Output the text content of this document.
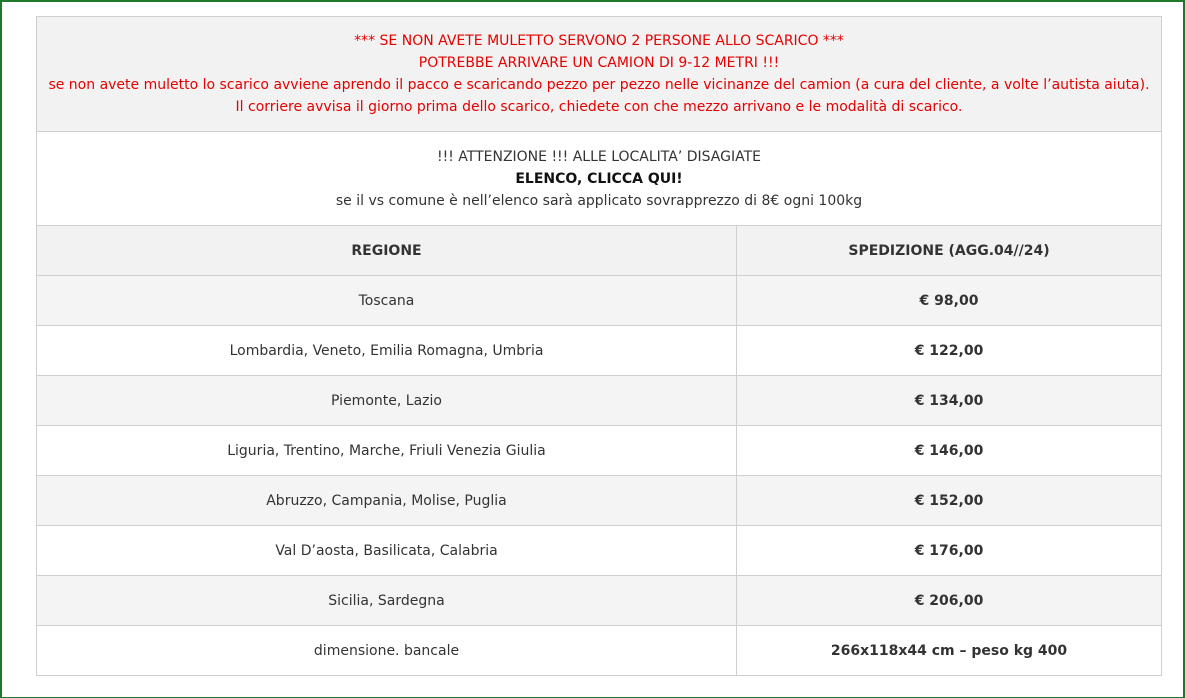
*** SE NON AVETE MULETTO SERVONO 2 PERSONE ALLO SCARICO ***
POTREBBE ARRIVARE UN CAMION DI 9-12 METRI !!!
se non avete muletto lo scarico avviene aprendo il pacco e scaricando pezzo per pezzo nelle vicinanze del camion (a cura del cliente, a volte l’autista aiuta). Il corriere avvisa il giorno prima dello scarico, chiedete con che mezzo arrivano e le modalità di scarico.	

!!! ATTENZIONE !!! ALLE LOCALITA’ DISAGIATE
ELENCO, CLICCA QUI!
se il vs comune è nell’elenco sarà applicato sovrapprezzo di 8€ ogni 100kg	

REGIONE	SPEDIZIONE (AGG.04//24)
Toscana	€ 98,00
Lombardia, Veneto, Emilia Romagna, Umbria	€ 122,00
Piemonte, Lazio	€ 134,00
Liguria, Trentino, Marche, Friuli Venezia Giulia	€ 146,00
Abruzzo, Campania, Molise, Puglia	€ 152,00
Val D’aosta, Basilicata, Calabria	€ 176,00
Sicilia, Sardegna	€ 206,00
dimensione. bancale	266x118x44 cm – peso kg 400
